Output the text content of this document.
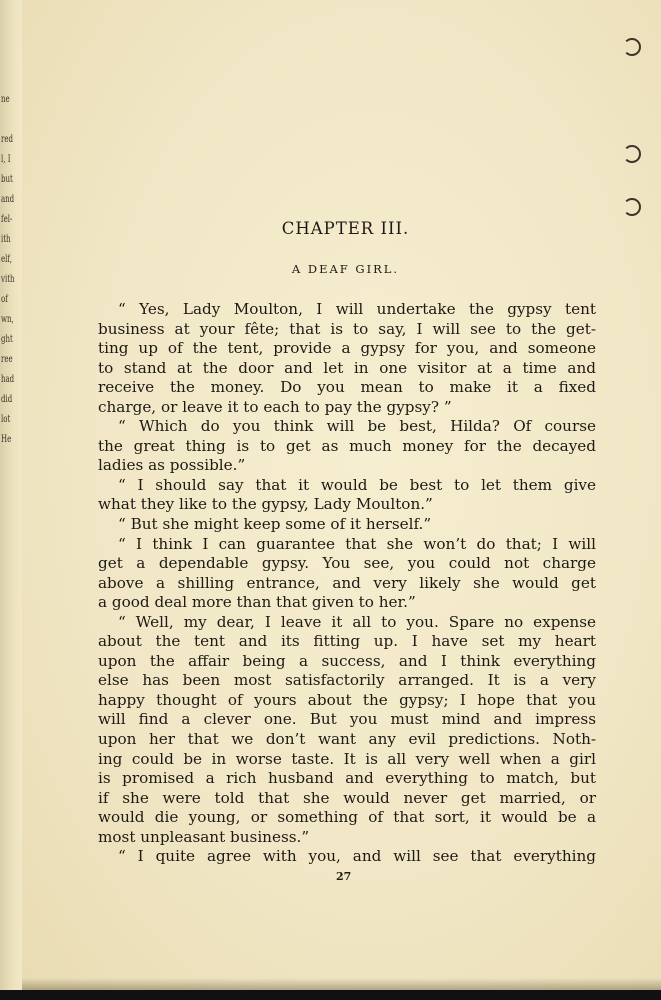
ne
red
l, I
but
and
fel-
ith
elf,
vith
of
wn,
ght
ree
had
did
lot
He
CHAPTER III.
A DEAF GIRL.
“ Yes, Lady Moulton, I will undertake the gypsy tent
business at your fête; that is to say, I will see to the get-
ting up of the tent, provide a gypsy for you, and someone
to stand at the door and let in one visitor at a time and
receive the money. Do you mean to make it a fixed
charge, or leave it to each to pay the gypsy? ”
“ Which do you think will be best, Hilda? Of course
the great thing is to get as much money for the decayed
ladies as possible.”
“ I should say that it would be best to let them give
what they like to the gypsy, Lady Moulton.”
“ But she might keep some of it herself.”
“ I think I can guarantee that she won’t do that; I will
get a dependable gypsy. You see, you could not charge
above a shilling entrance, and very likely she would get
a good deal more than that given to her.”
“ Well, my dear, I leave it all to you. Spare no expense
about the tent and its fitting up. I have set my heart
upon the affair being a success, and I think everything
else has been most satisfactorily arranged. It is a very
happy thought of yours about the gypsy; I hope that you
will find a clever one. But you must mind and impress
upon her that we don’t want any evil predictions. Noth-
ing could be in worse taste. It is all very well when a girl
is promised a rich husband and everything to match, but
if she were told that she would never get married, or
would die young, or something of that sort, it would be a
most unpleasant business.”
“ I quite agree with you, and will see that everything
27
